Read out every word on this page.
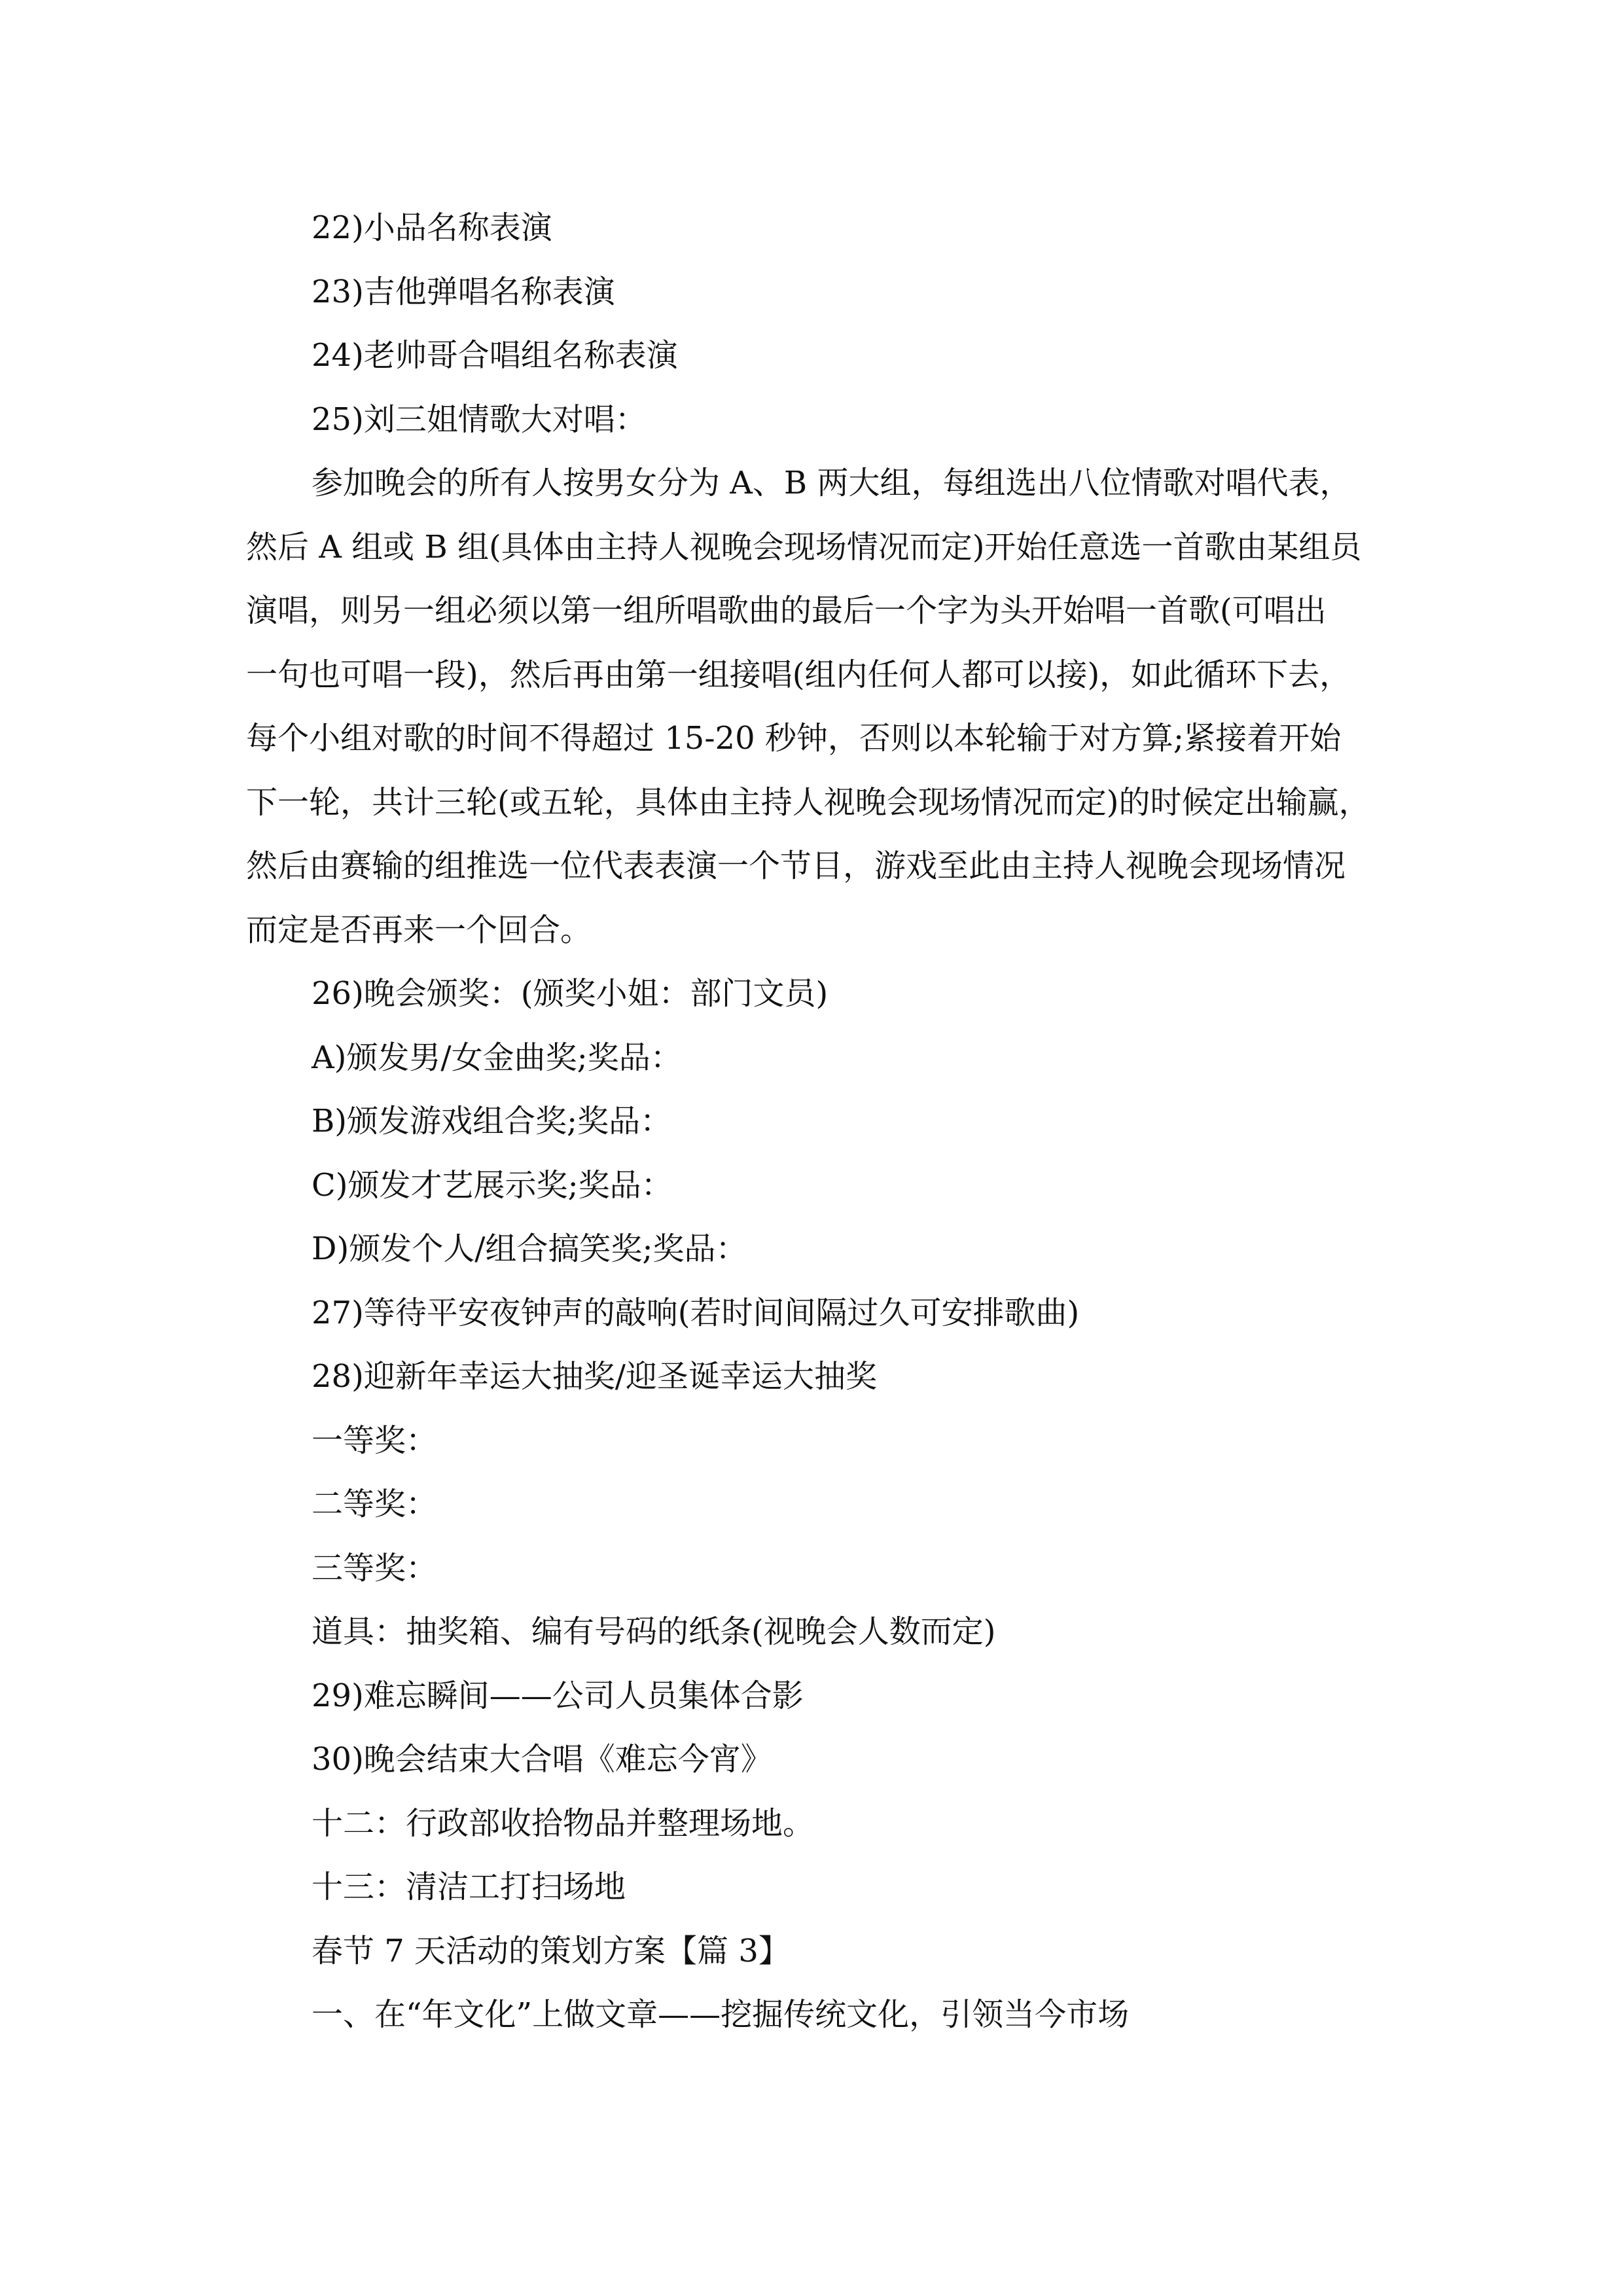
22)小品名称表演
23)吉他弹唱名称表演
24)老帅哥合唱组名称表演
25)刘三姐情歌大对唱：
参加晚会的所有人按男女分为 A、B 两大组，每组选出八位情歌对唱代表，
然后 A 组或 B 组(具体由主持人视晚会现场情况而定)开始任意选一首歌由某组员
演唱，则另一组必须以第一组所唱歌曲的最后一个字为头开始唱一首歌(可唱出
一句也可唱一段)，然后再由第一组接唱(组内任何人都可以接)，如此循环下去，
每个小组对歌的时间不得超过 15-20 秒钟，否则以本轮输于对方算;紧接着开始
下一轮，共计三轮(或五轮，具体由主持人视晚会现场情况而定)的时候定出输赢，
然后由赛输的组推选一位代表表演一个节目，游戏至此由主持人视晚会现场情况
而定是否再来一个回合。
26)晚会颁奖：(颁奖小姐：部门文员)
A)颁发男/女金曲奖;奖品：
B)颁发游戏组合奖;奖品：
C)颁发才艺展示奖;奖品：
D)颁发个人/组合搞笑奖;奖品：
27)等待平安夜钟声的敲响(若时间间隔过久可安排歌曲)
28)迎新年幸运大抽奖/迎圣诞幸运大抽奖
一等奖：
二等奖：
三等奖：
道具：抽奖箱、编有号码的纸条(视晚会人数而定)
29)难忘瞬间——公司人员集体合影
30)晚会结束大合唱《难忘今宵》
十二：行政部收拾物品并整理场地。
十三：清洁工打扫场地
春节 7 天活动的策划方案【篇 3】
一、在“年文化”上做文章——挖掘传统文化，引领当今市场
